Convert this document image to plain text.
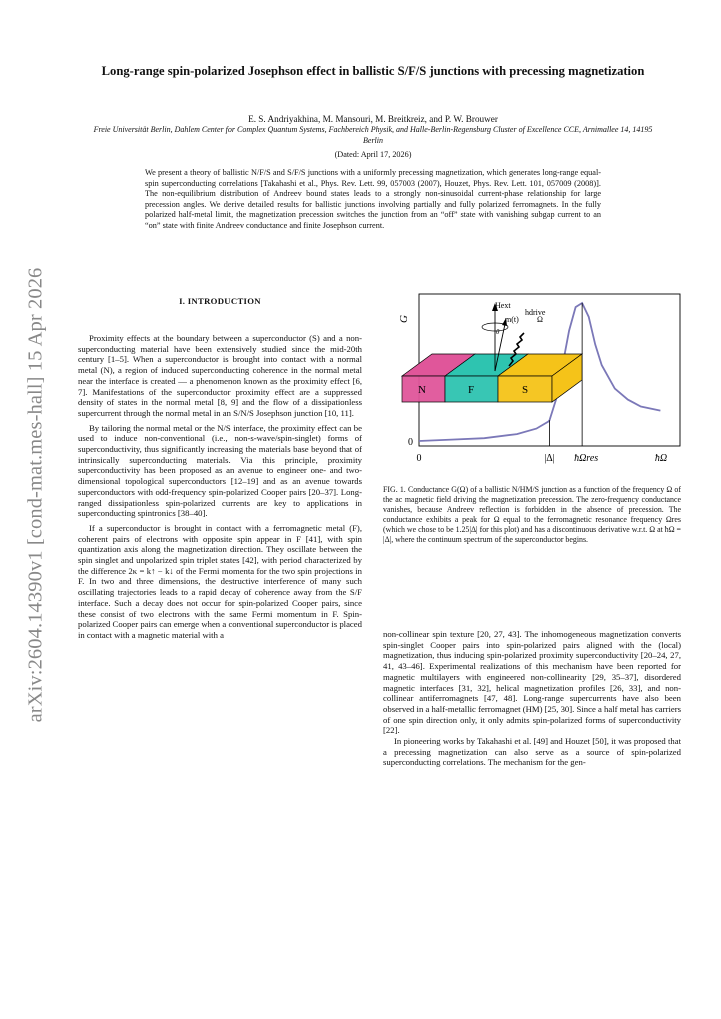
arXiv:2604.14390v1 [cond-mat.mes-hall] 15 Apr 2026
Long-range spin-polarized Josephson effect in ballistic S/F/S junctions with precessing magnetization
E. S. Andriyakhina, M. Mansouri, M. Breitkreiz, and P. W. Brouwer
Freie Universität Berlin, Dahlem Center for Complex Quantum Systems, Fachbereich Physik, and Halle-Berlin-Regensburg Cluster of Excellence CCE, Arnimallee 14, 14195 Berlin
(Dated: April 17, 2026)
We present a theory of ballistic N/F/S and S/F/S junctions with a uniformly precessing magnetization, which generates long-range equal-spin superconducting correlations [Takahashi et al., Phys. Rev. Lett. 99, 057003 (2007), Houzet, Phys. Rev. Lett. 101, 057009 (2008)]. The non-equilibrium distribution of Andreev bound states leads to a strongly non-sinusoidal current-phase relationship for large precession angles. We derive detailed results for ballistic junctions involving partially and fully polarized ferromagnets. In the fully polarized half-metal limit, the magnetization precession switches the junction from an “off” state with vanishing subgap current to an “on” state with finite Andreev conductance and finite Josephson current.
I. INTRODUCTION

Proximity effects at the boundary between a superconductor (S) and a non-superconducting material have been extensively studied since the mid-20th century [1–5]. When a superconductor is brought into contact with a normal metal (N), a region of induced superconducting coherence in the normal metal near the interface is created — a phenomenon known as the proximity effect [6, 7]. Manifestations of the superconductor proximity effect are a suppressed density of states in the normal metal [8, 9] and the flow of a dissipationless supercurrent through the normal metal in an S/N/S Josephson junction [10, 11].

By tailoring the normal metal or the N/S interface, the proximity effect can be used to induce non-conventional (i.e., non-s-wave/spin-singlet) forms of superconductivity, thus significantly increasing the materials base beyond that of intrinsically superconducting materials. Via this principle, proximity superconductivity has been proposed as an avenue to engineer one- and two-dimensional topological superconductors [12–19] and as an avenue towards superconductors with odd-frequency spin-polarized Cooper pairs [20–37]. Long-ranged dissipationless spin-polarized currents are key to applications in superconducting spintronics [38–40].

If a superconductor is brought in contact with a ferromagnetic metal (F), coherent pairs of electrons with opposite spin appear in F [41], with spin quantization axis along the magnetization direction. They oscillate between the spin singlet and unpolarized spin triplet states [42], with period characterized by the difference 2κ = k↑ − k↓ of the Fermi momenta for the two spin projections in F. In two and three dimensions, the destructive interference of many such oscillating trajectories leads to a rapid decay of coherence away from the S/F interface. Such a decay does not occur for spin-polarized Cooper pairs, since these consist of two electrons with the same Fermi momentum in F. Spin-polarized Cooper pairs can emerge when a conventional superconductor is placed in contact with a magnetic material with a

G
0
0	|Δ| ħΩres	ħΩ
N	F	S
Hext
m(t)
θ
hdrive
Ω
FIG. 1. Conductance G(Ω) of a ballistic N/HM/S junction as a function of the frequency Ω of the ac magnetic field driving the magnetization precession. The zero-frequency conductance vanishes, because Andreev reflection is forbidden in the absence of precession. The conductance exhibits a peak for Ω equal to the ferromagnetic resonance frequency Ωres (which we chose to be 1.25|Δ| for this plot) and has a discontinuous derivative w.r.t. Ω at ħΩ = |Δ|, where the continuum spectrum of the superconductor begins.

non-collinear spin texture [20, 27, 43]. The inhomogeneous magnetization converts spin-singlet Cooper pairs into spin-polarized pairs aligned with the (local) magnetization, thus inducing spin-polarized proximity superconductivity [20–24, 27, 41, 43–46]. Experimental realizations of this mechanism have been reported for magnetic multilayers with engineered non-collinearity [29, 35–37], disordered magnetic interfaces [31, 32], helical magnetization profiles [26, 33], and non-collinear antiferromagnets [47, 48]. Long-range supercurrents have also been observed in a half-metallic ferromagnet (HM) [25, 30]. Since a half metal has carriers of one spin direction only, it only admits spin-polarized forms of superconductivity [22].

In pioneering works by Takahashi et al. [49] and Houzet [50], it was proposed that a precessing magnetization can also serve as a source of spin-polarized superconducting correlations. The mechanism for the gen-
